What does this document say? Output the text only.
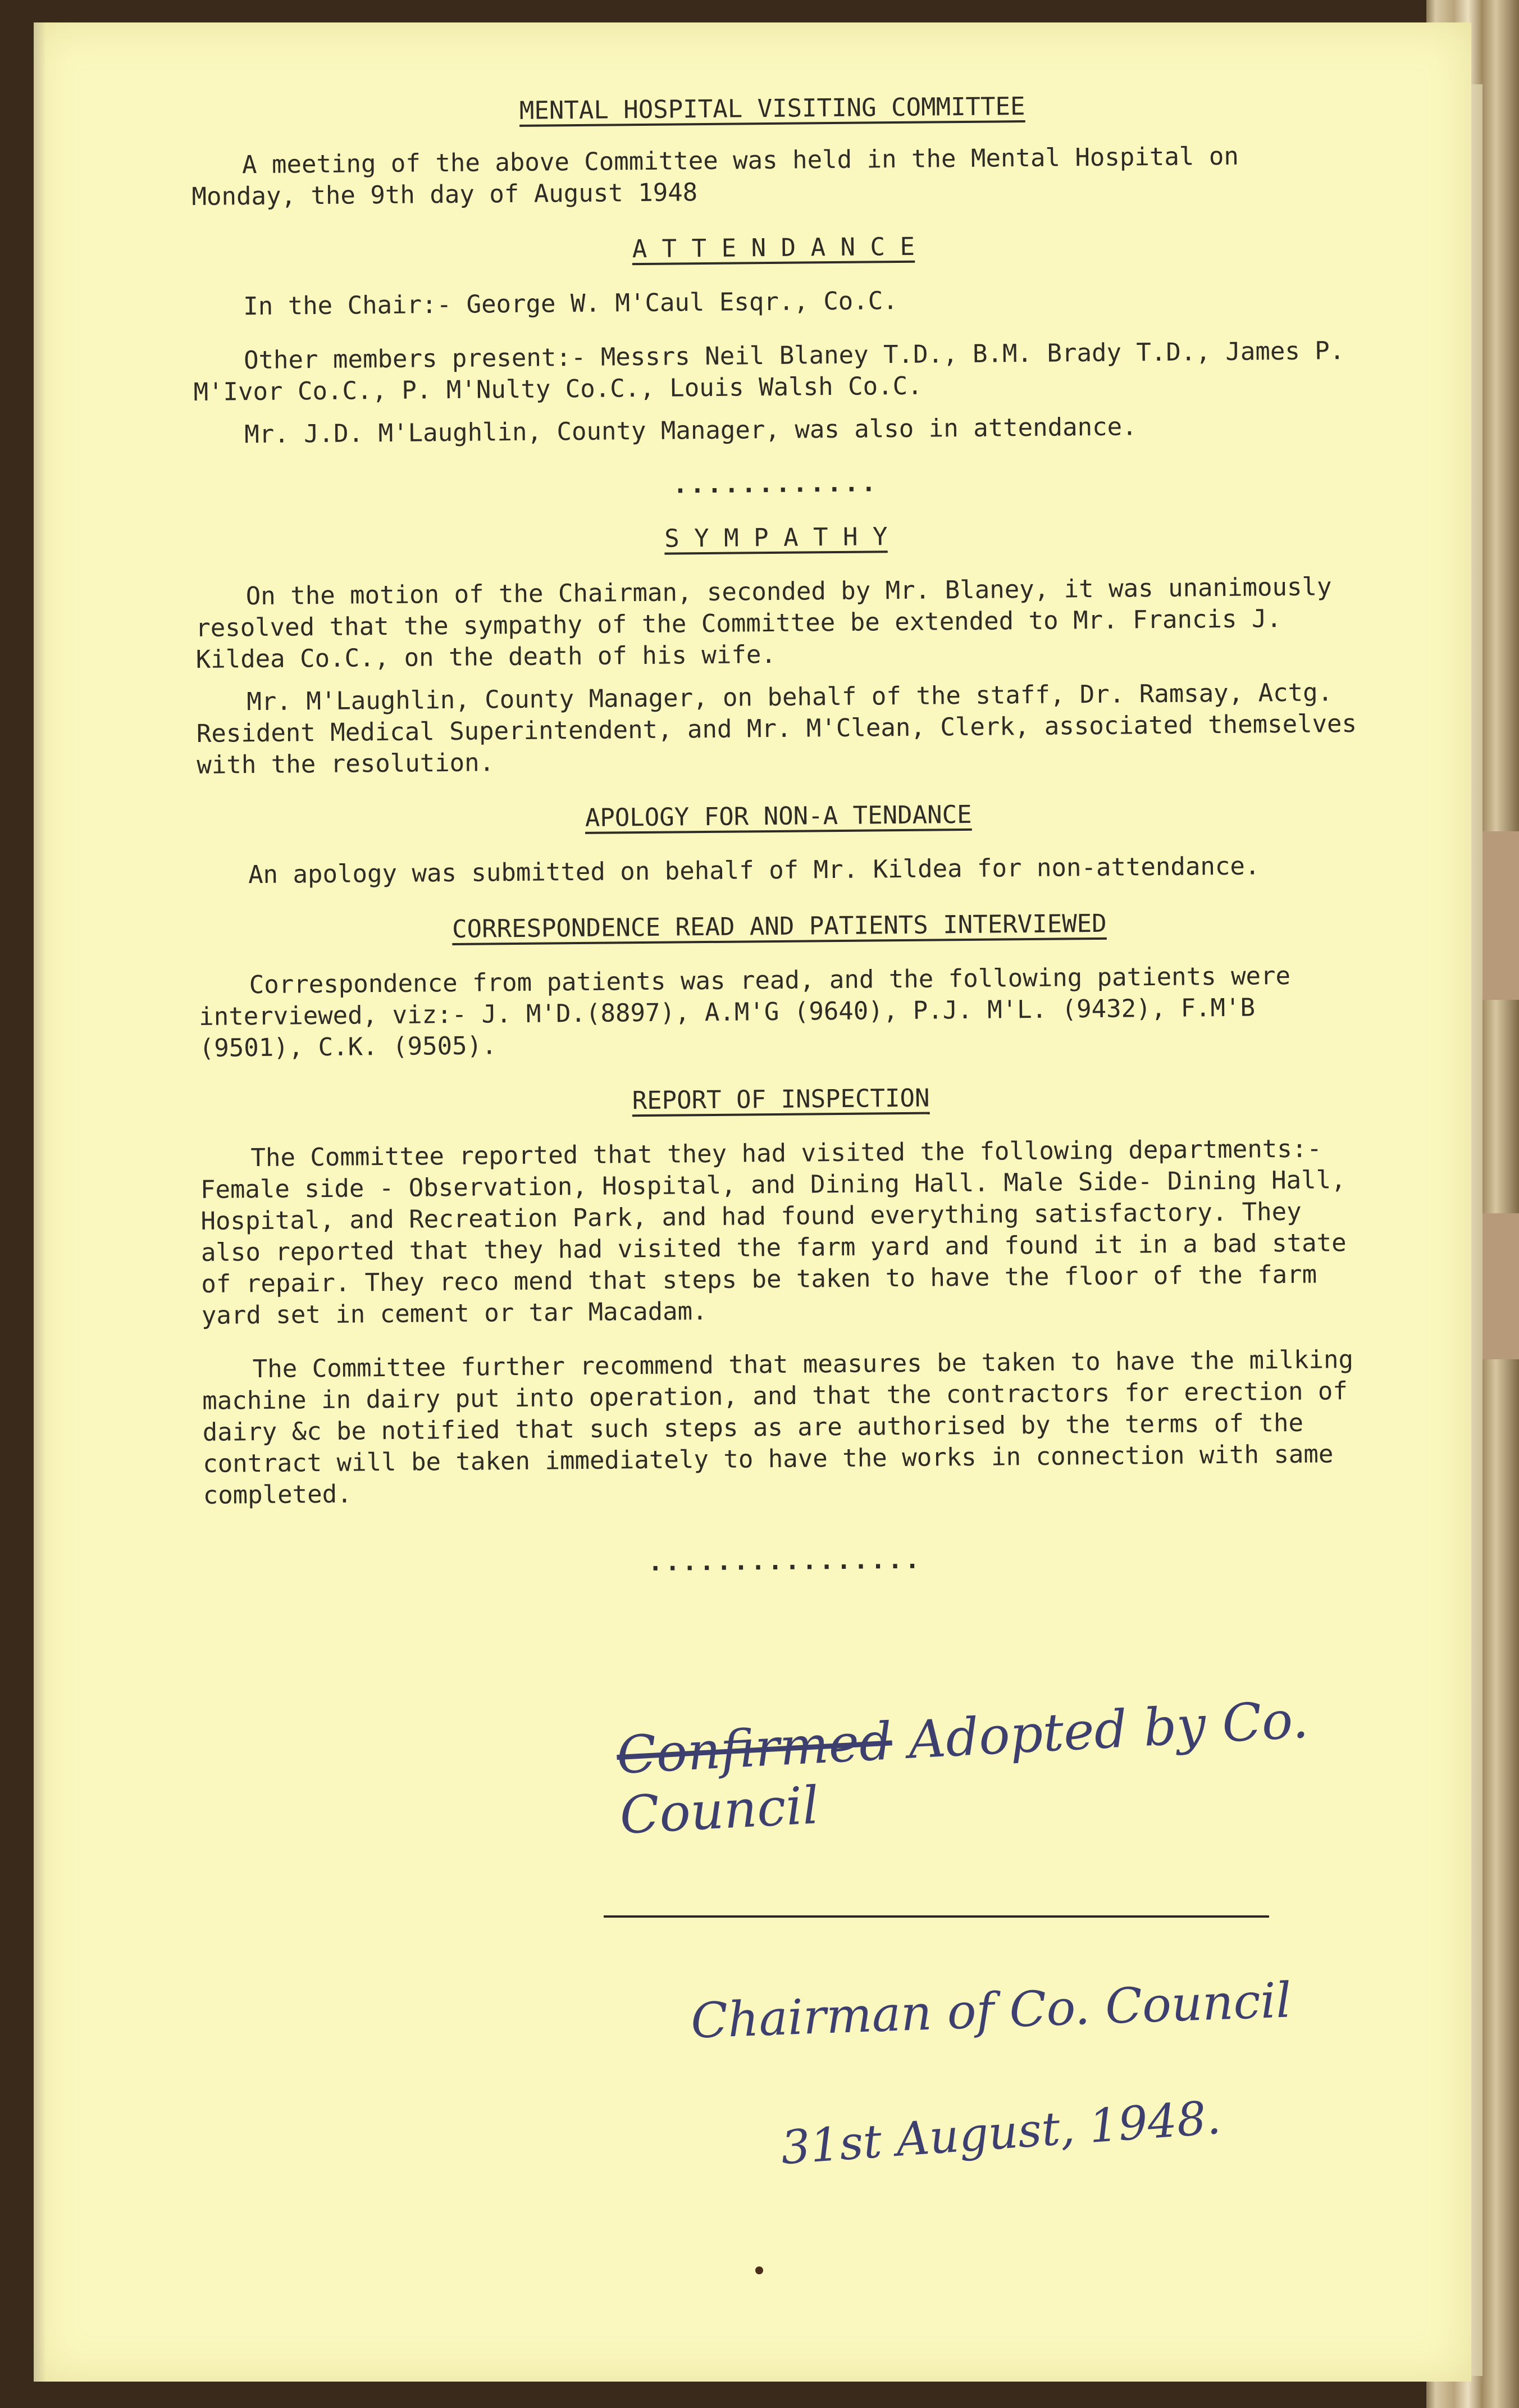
MENTAL HOSPITAL VISITING COMMITTEE

A meeting of the above Committee was held in the Mental Hospital on Monday, the 9th day of August 1948

A T T E N D A N C E

In the Chair:- George W. M'Caul Esqr., Co.C.

Other members present:- Messrs Neil Blaney T.D., B.M. Brady T.D., James P. M'Ivor Co.C., P. M'Nulty Co.C., Louis Walsh Co.C.

Mr. J.D. M'Laughlin, County Manager, was also in attendance.

............
S Y M P A T H Y

On the motion of the Chairman, seconded by Mr. Blaney, it was unanimously resolved that the sympathy of the Committee be extended to Mr. Francis J. Kildea Co.C., on the death of his wife.

Mr. M'Laughlin, County Manager, on behalf of the staff, Dr. Ramsay, Actg. Resident Medical Superintendent, and Mr. M'Clean, Clerk, associated themselves with the resolution.

APOLOGY FOR NON-A TENDANCE

An apology was submitted on behalf of Mr. Kildea for non-attendance.

CORRESPONDENCE READ AND PATIENTS INTERVIEWED

Correspondence from patients was read, and the following patients were interviewed, viz:- J. M'D.(8897), A.M'G (9640), P.J. M'L. (9432), F.M'B (9501), C.K. (9505).

REPORT OF INSPECTION

The Committee reported that they had visited the following departments:- Female side - Observation, Hospital, and Dining Hall. Male Side- Dining Hall, Hospital, and Recreation Park, and had found everything satisfactory. They also reported that they had visited the farm yard and found it in a bad state of repair. They reco mend that steps be taken to have the floor of the farm yard set in cement or tar Macadam.

The Committee further recommend that measures be taken to have the milking machine in dairy put into operation, and that the contractors for erection of dairy &c be notified that such steps as are authorised by the terms of the contract will be taken immediately to have the works in connection with same completed.

................
Confirmed Adopted by Co. Council
Chairman of Co. Council
31st August, 1948.
